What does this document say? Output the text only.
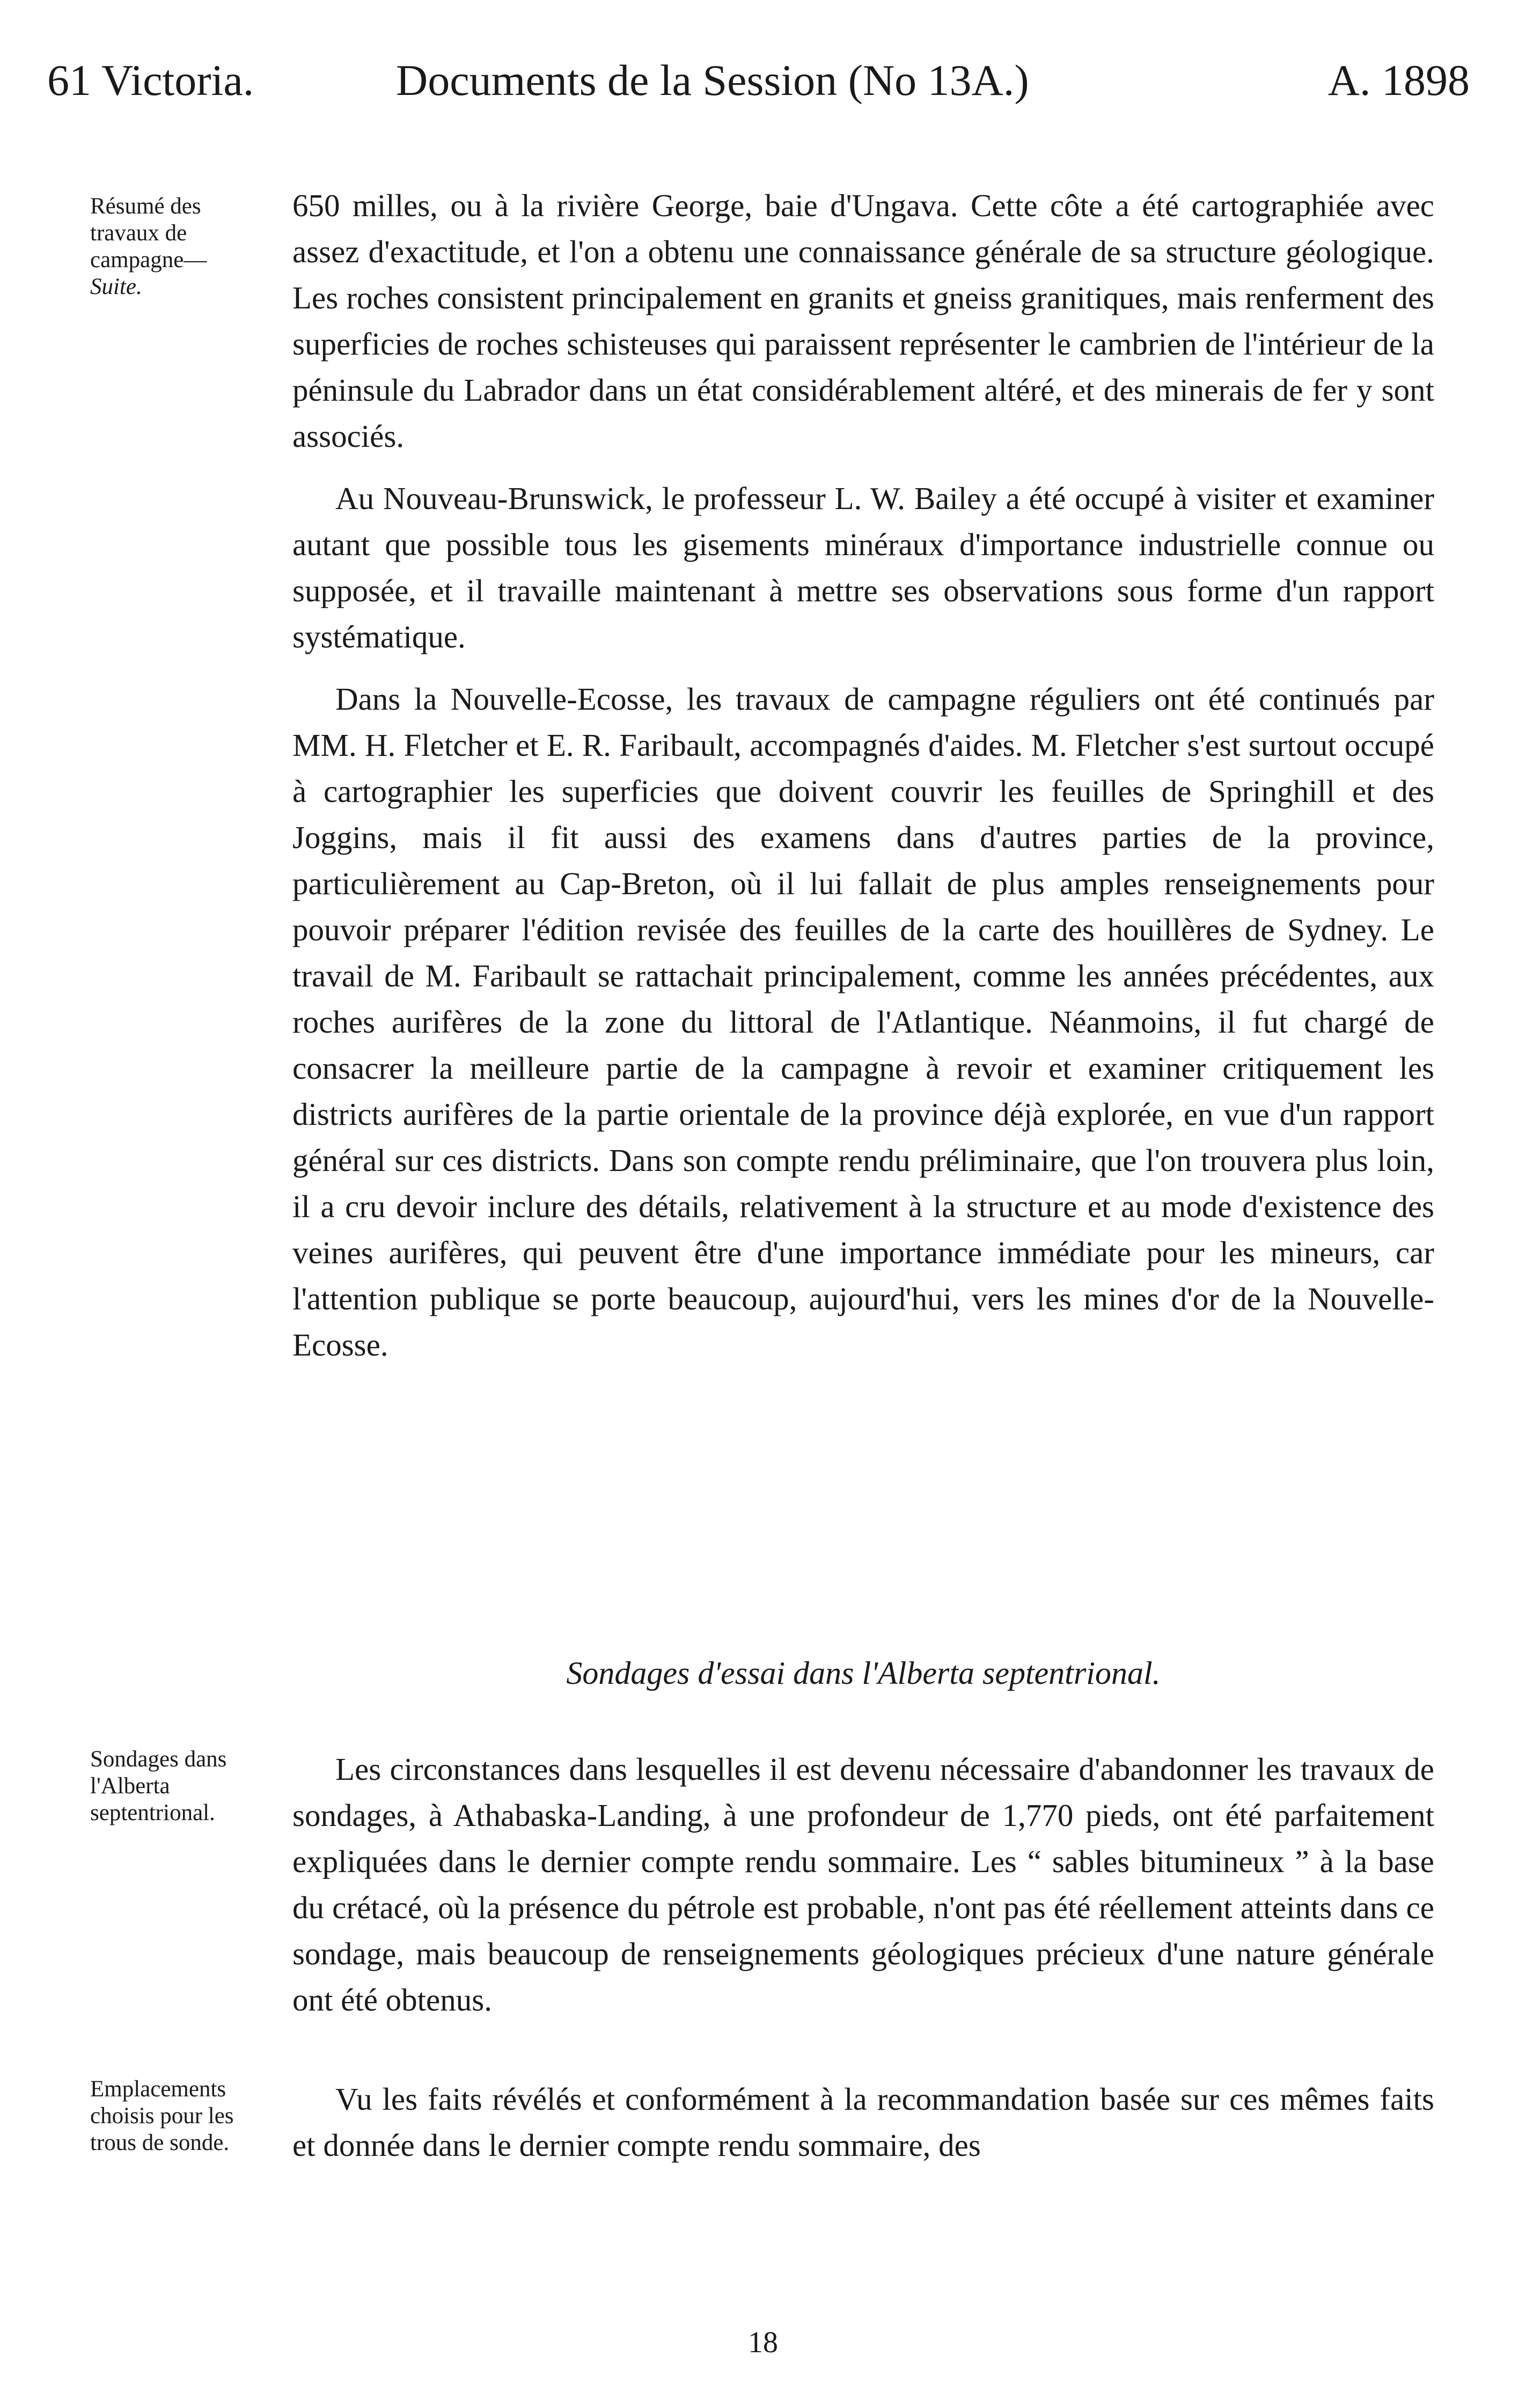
61 Victoria.	Documents de la Session (No 13A.)	A. 1898
Résumé des travaux de campagne—
Suite.

650 milles, ou à la rivière George, baie d'Ungava. Cette côte a été cartographiée avec assez d'exactitude, et l'on a obtenu une connaissance générale de sa structure géologique. Les roches consistent principalement en granits et gneiss granitiques, mais renferment des superficies de roches schisteuses qui paraissent représenter le cambrien de l'intérieur de la péninsule du Labrador dans un état considérablement altéré, et des minerais de fer y sont associés.

Au Nouveau-Brunswick, le professeur L. W. Bailey a été occupé à visiter et examiner autant que possible tous les gisements minéraux d'importance industrielle connue ou supposée, et il travaille maintenant à mettre ses observations sous forme d'un rapport systématique.

Dans la Nouvelle-Ecosse, les travaux de campagne réguliers ont été continués par MM. H. Fletcher et E. R. Faribault, accompagnés d'aides. M. Fletcher s'est surtout occupé à cartographier les superficies que doivent couvrir les feuilles de Springhill et des Joggins, mais il fit aussi des examens dans d'autres parties de la province, particulièrement au Cap-Breton, où il lui fallait de plus amples renseignements pour pouvoir préparer l'édition revisée des feuilles de la carte des houillères de Sydney. Le travail de M. Faribault se rattachait principalement, comme les années précédentes, aux roches aurifères de la zone du littoral de l'Atlantique. Néanmoins, il fut chargé de consacrer la meilleure partie de la campagne à revoir et examiner critiquement les districts aurifères de la partie orientale de la province déjà explorée, en vue d'un rapport général sur ces districts. Dans son compte rendu préliminaire, que l'on trouvera plus loin, il a cru devoir inclure des détails, relativement à la structure et au mode d'existence des veines aurifères, qui peuvent être d'une importance immédiate pour les mineurs, car l'attention publique se porte beaucoup, aujourd'hui, vers les mines d'or de la Nouvelle-Ecosse.

Sondages d'essai dans l'Alberta septentrional.
Sondages dans l'Alberta septentrional.

Les circonstances dans lesquelles il est devenu nécessaire d'abandonner les travaux de sondages, à Athabaska-Landing, à une profondeur de 1,770 pieds, ont été parfaitement expliquées dans le dernier compte rendu sommaire. Les “ sables bitumineux ” à la base du crétacé, où la présence du pétrole est probable, n'ont pas été réellement atteints dans ce sondage, mais beaucoup de renseignements géologiques précieux d'une nature générale ont été obtenus.

Emplacements choisis pour les trous de sonde.

Vu les faits révélés et conformément à la recommandation basée sur ces mêmes faits et donnée dans le dernier compte rendu sommaire, des

18
